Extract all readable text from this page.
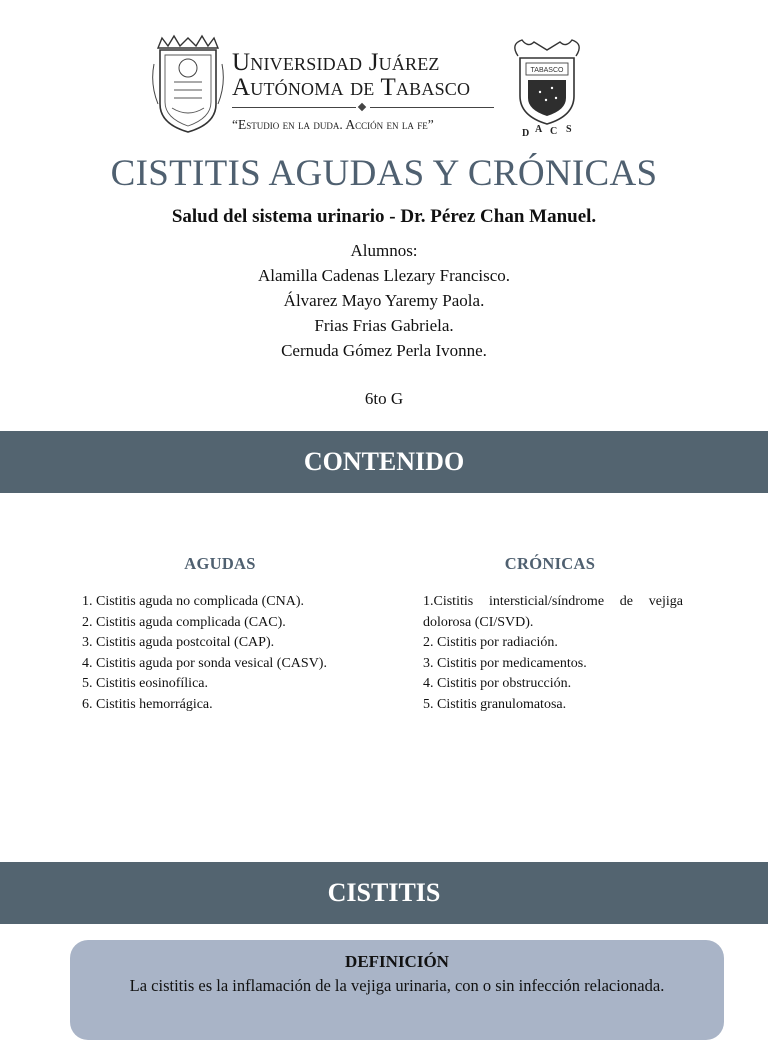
Universidad Juárez
Autónoma de Tabasco
“Estudio en la duda. Acción en la fe”
TABASCO
D A C S
CISTITIS AGUDAS Y CRÓNICAS
Salud del sistema urinario - Dr. Pérez Chan Manuel.
Alumnos:
Alamilla Cadenas Llezary Francisco.
Álvarez Mayo Yaremy Paola.
Frias Frias Gabriela.
Cernuda Gómez Perla Ivonne.
6to G
CONTENIDO
AGUDAS	CRÓNICAS
1. Cistitis aguda no complicada (CNA).
2. Cistitis aguda complicada (CAC).
3. Cistitis aguda postcoital (CAP).
4. Cistitis aguda por sonda vesical (CASV).
5. Cistitis eosinofílica.
6. Cistitis hemorrágica.
1.Cistitis intersticial/síndrome de vejiga dolorosa (CI/SVD).
2. Cistitis por radiación.
3. Cistitis por medicamentos.
4. Cistitis por obstrucción.
5. Cistitis granulomatosa.
CISTITIS
DEFINICIÓN
La cistitis es la inflamación de la vejiga urinaria, con o sin infección relacionada.
